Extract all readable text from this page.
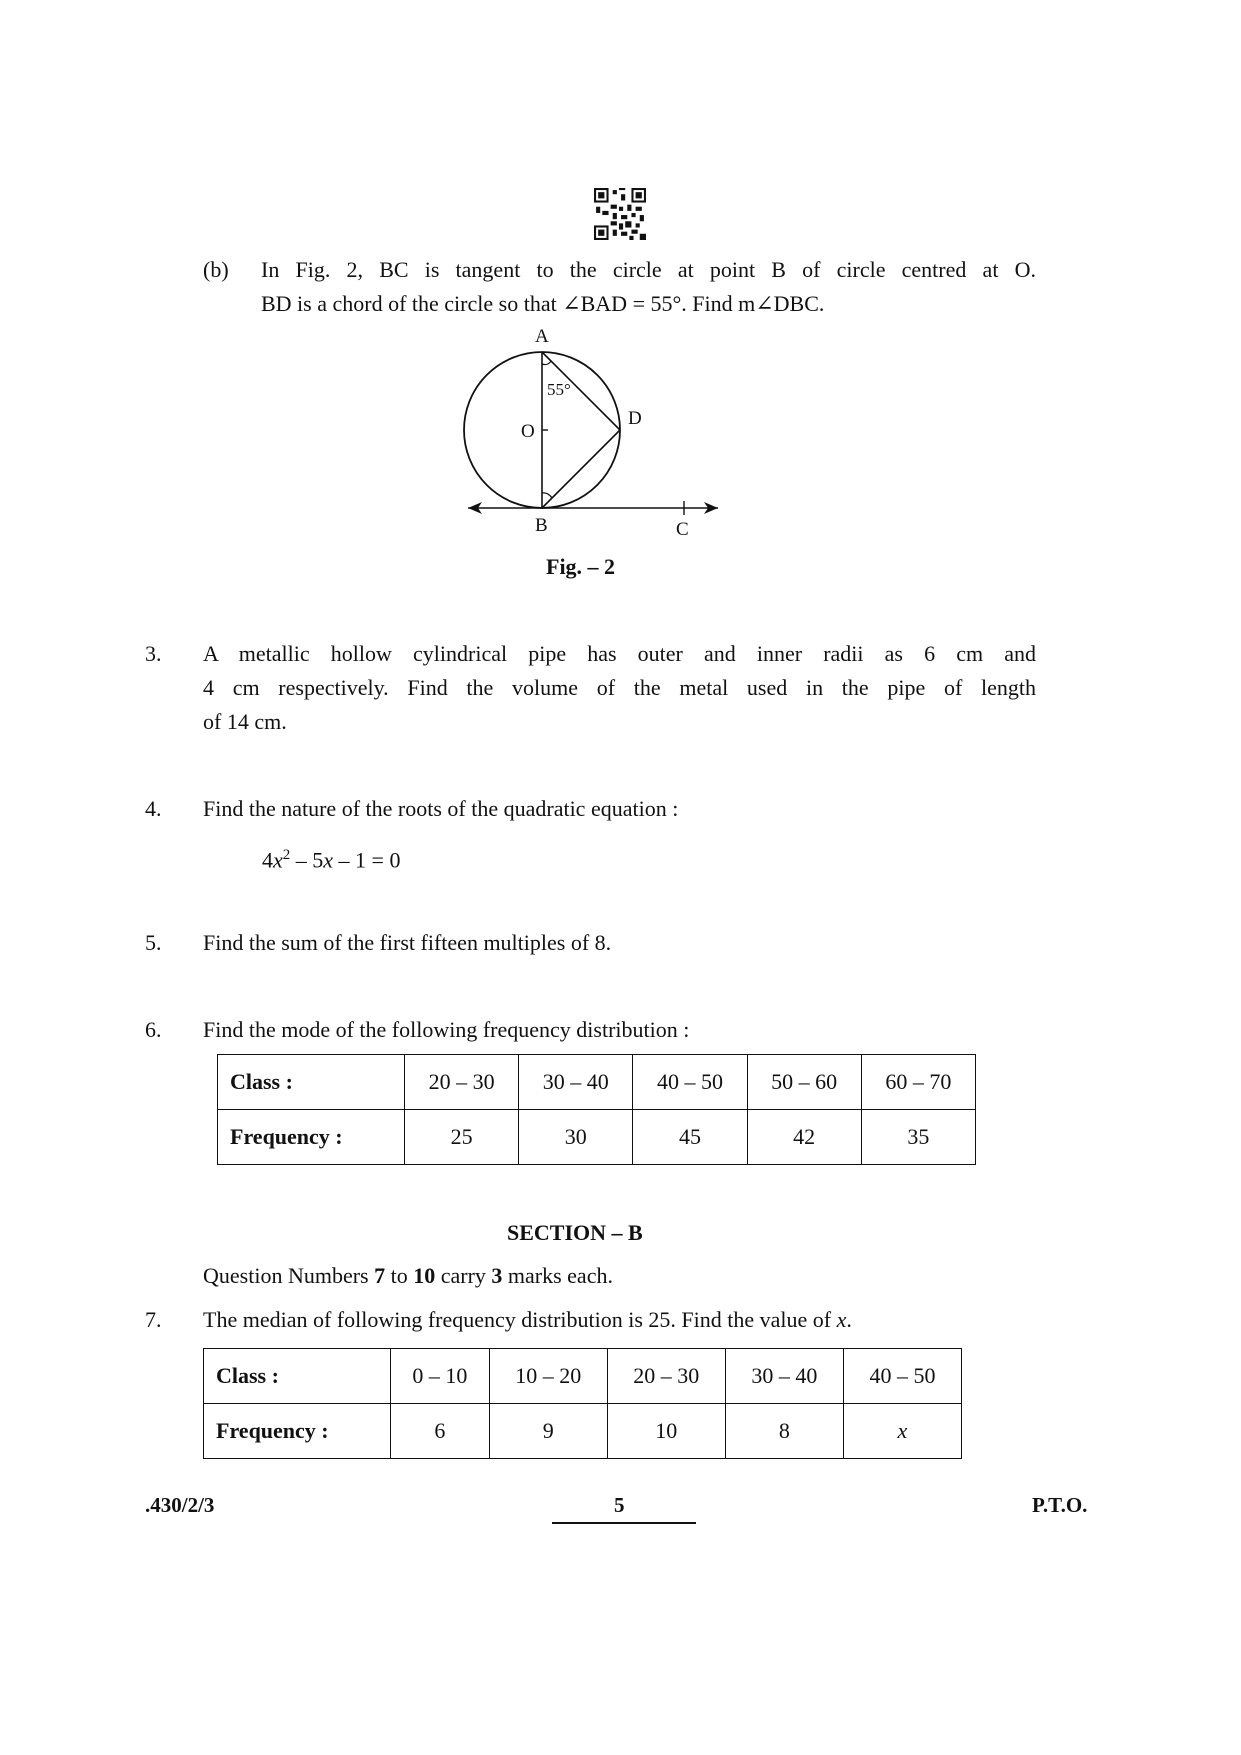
(b) In Fig. 2, BC is tangent to the circle at point B of circle centred at O.
BD is a chord of the circle so that ∠BAD = 55°. Find m∠DBC.
A
55°
D
O
B	C
Fig. – 2
3. A metallic hollow cylindrical pipe has outer and inner radii as 6 cm and
4 cm respectively. Find the volume of the metal used in the pipe of length
of 14 cm.
4. Find the nature of the roots of the quadratic equation :
$4x^2 - 5x - 1 = 0$
5. Find the sum of the first fifteen multiples of 8.
6. Find the mode of the following frequency distribution :
Class :	20 – 30	30 – 40	40 – 50	50 – 60	60 – 70
Frequency :	25	30	45	42	35
SECTION – B
Question Numbers 7 to 10 carry 3 marks each.
7. The median of following frequency distribution is 25. Find the value of x.
Class :	0 – 10	10 – 20	20 – 30	30 – 40	40 – 50
Frequency :	6	9	10	8	x
.430/2/3	5	P.T.O.
